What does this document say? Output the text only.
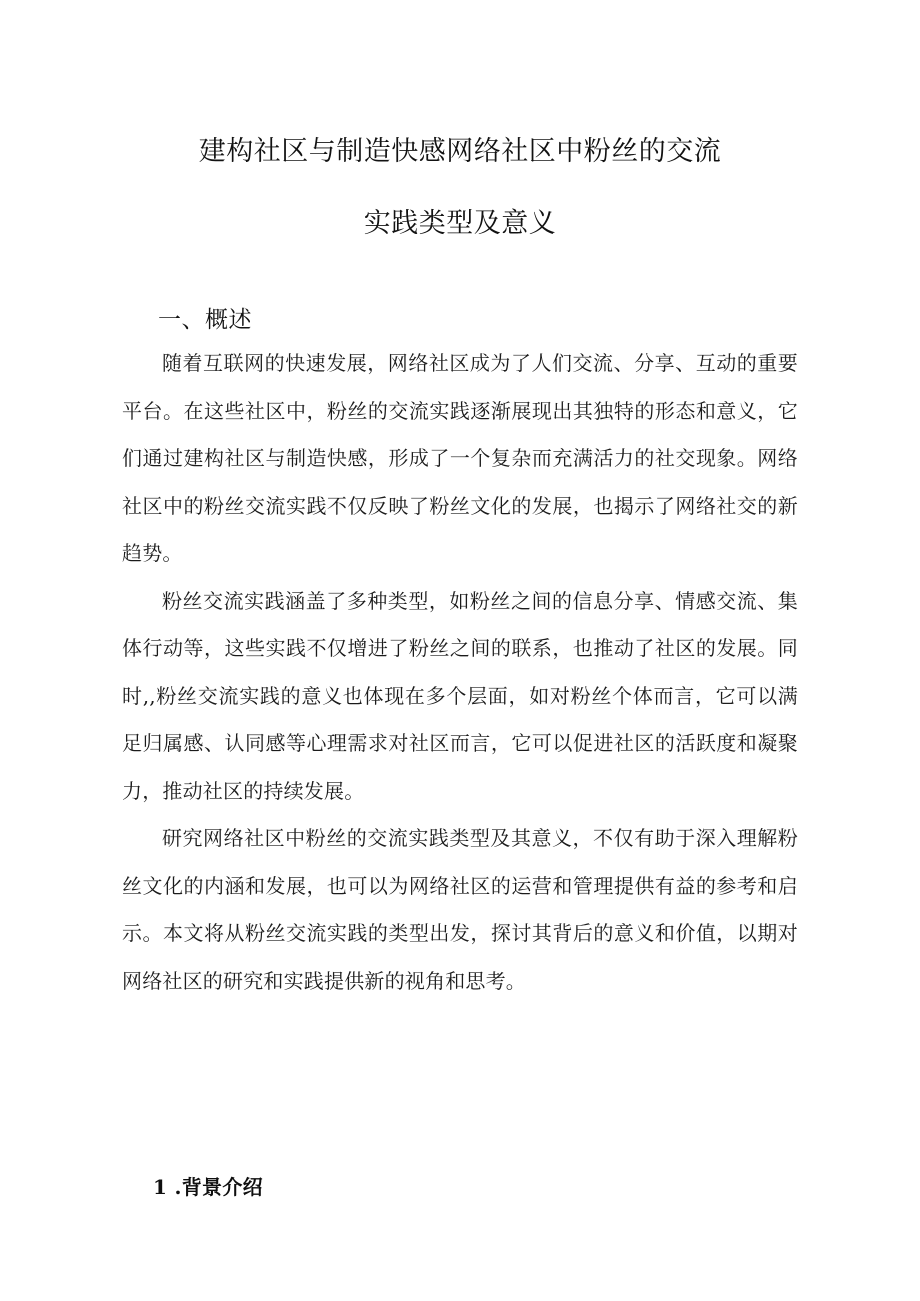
建构社区与制造快感网络社区中粉丝的交流
实践类型及意义
一、概述

随着互联网的快速发展，网络社区成为了人们交流、分享、互动的重要平台。在这些社区中，粉丝的交流实践逐渐展现出其独特的形态和意义，它们通过建构社区与制造快感，形成了一个复杂而充满活力的社交现象。网络社区中的粉丝交流实践不仅反映了粉丝文化的发展，也揭示了网络社交的新趋势。

粉丝交流实践涵盖了多种类型，如粉丝之间的信息分享、情感交流、集体行动等，这些实践不仅增进了粉丝之间的联系，也推动了社区的发展。同时,,粉丝交流实践的意义也体现在多个层面，如对粉丝个体而言，它可以满足归属感、认同感等心理需求对社区而言，它可以促进社区的活跃度和凝聚力，推动社区的持续发展。

研究网络社区中粉丝的交流实践类型及其意义，不仅有助于深入理解粉丝文化的内涵和发展，也可以为网络社区的运营和管理提供有益的参考和启示。本文将从粉丝交流实践的类型出发，探讨其背后的意义和价值，以期对网络社区的研究和实践提供新的视角和思考。

1 .背景介绍
